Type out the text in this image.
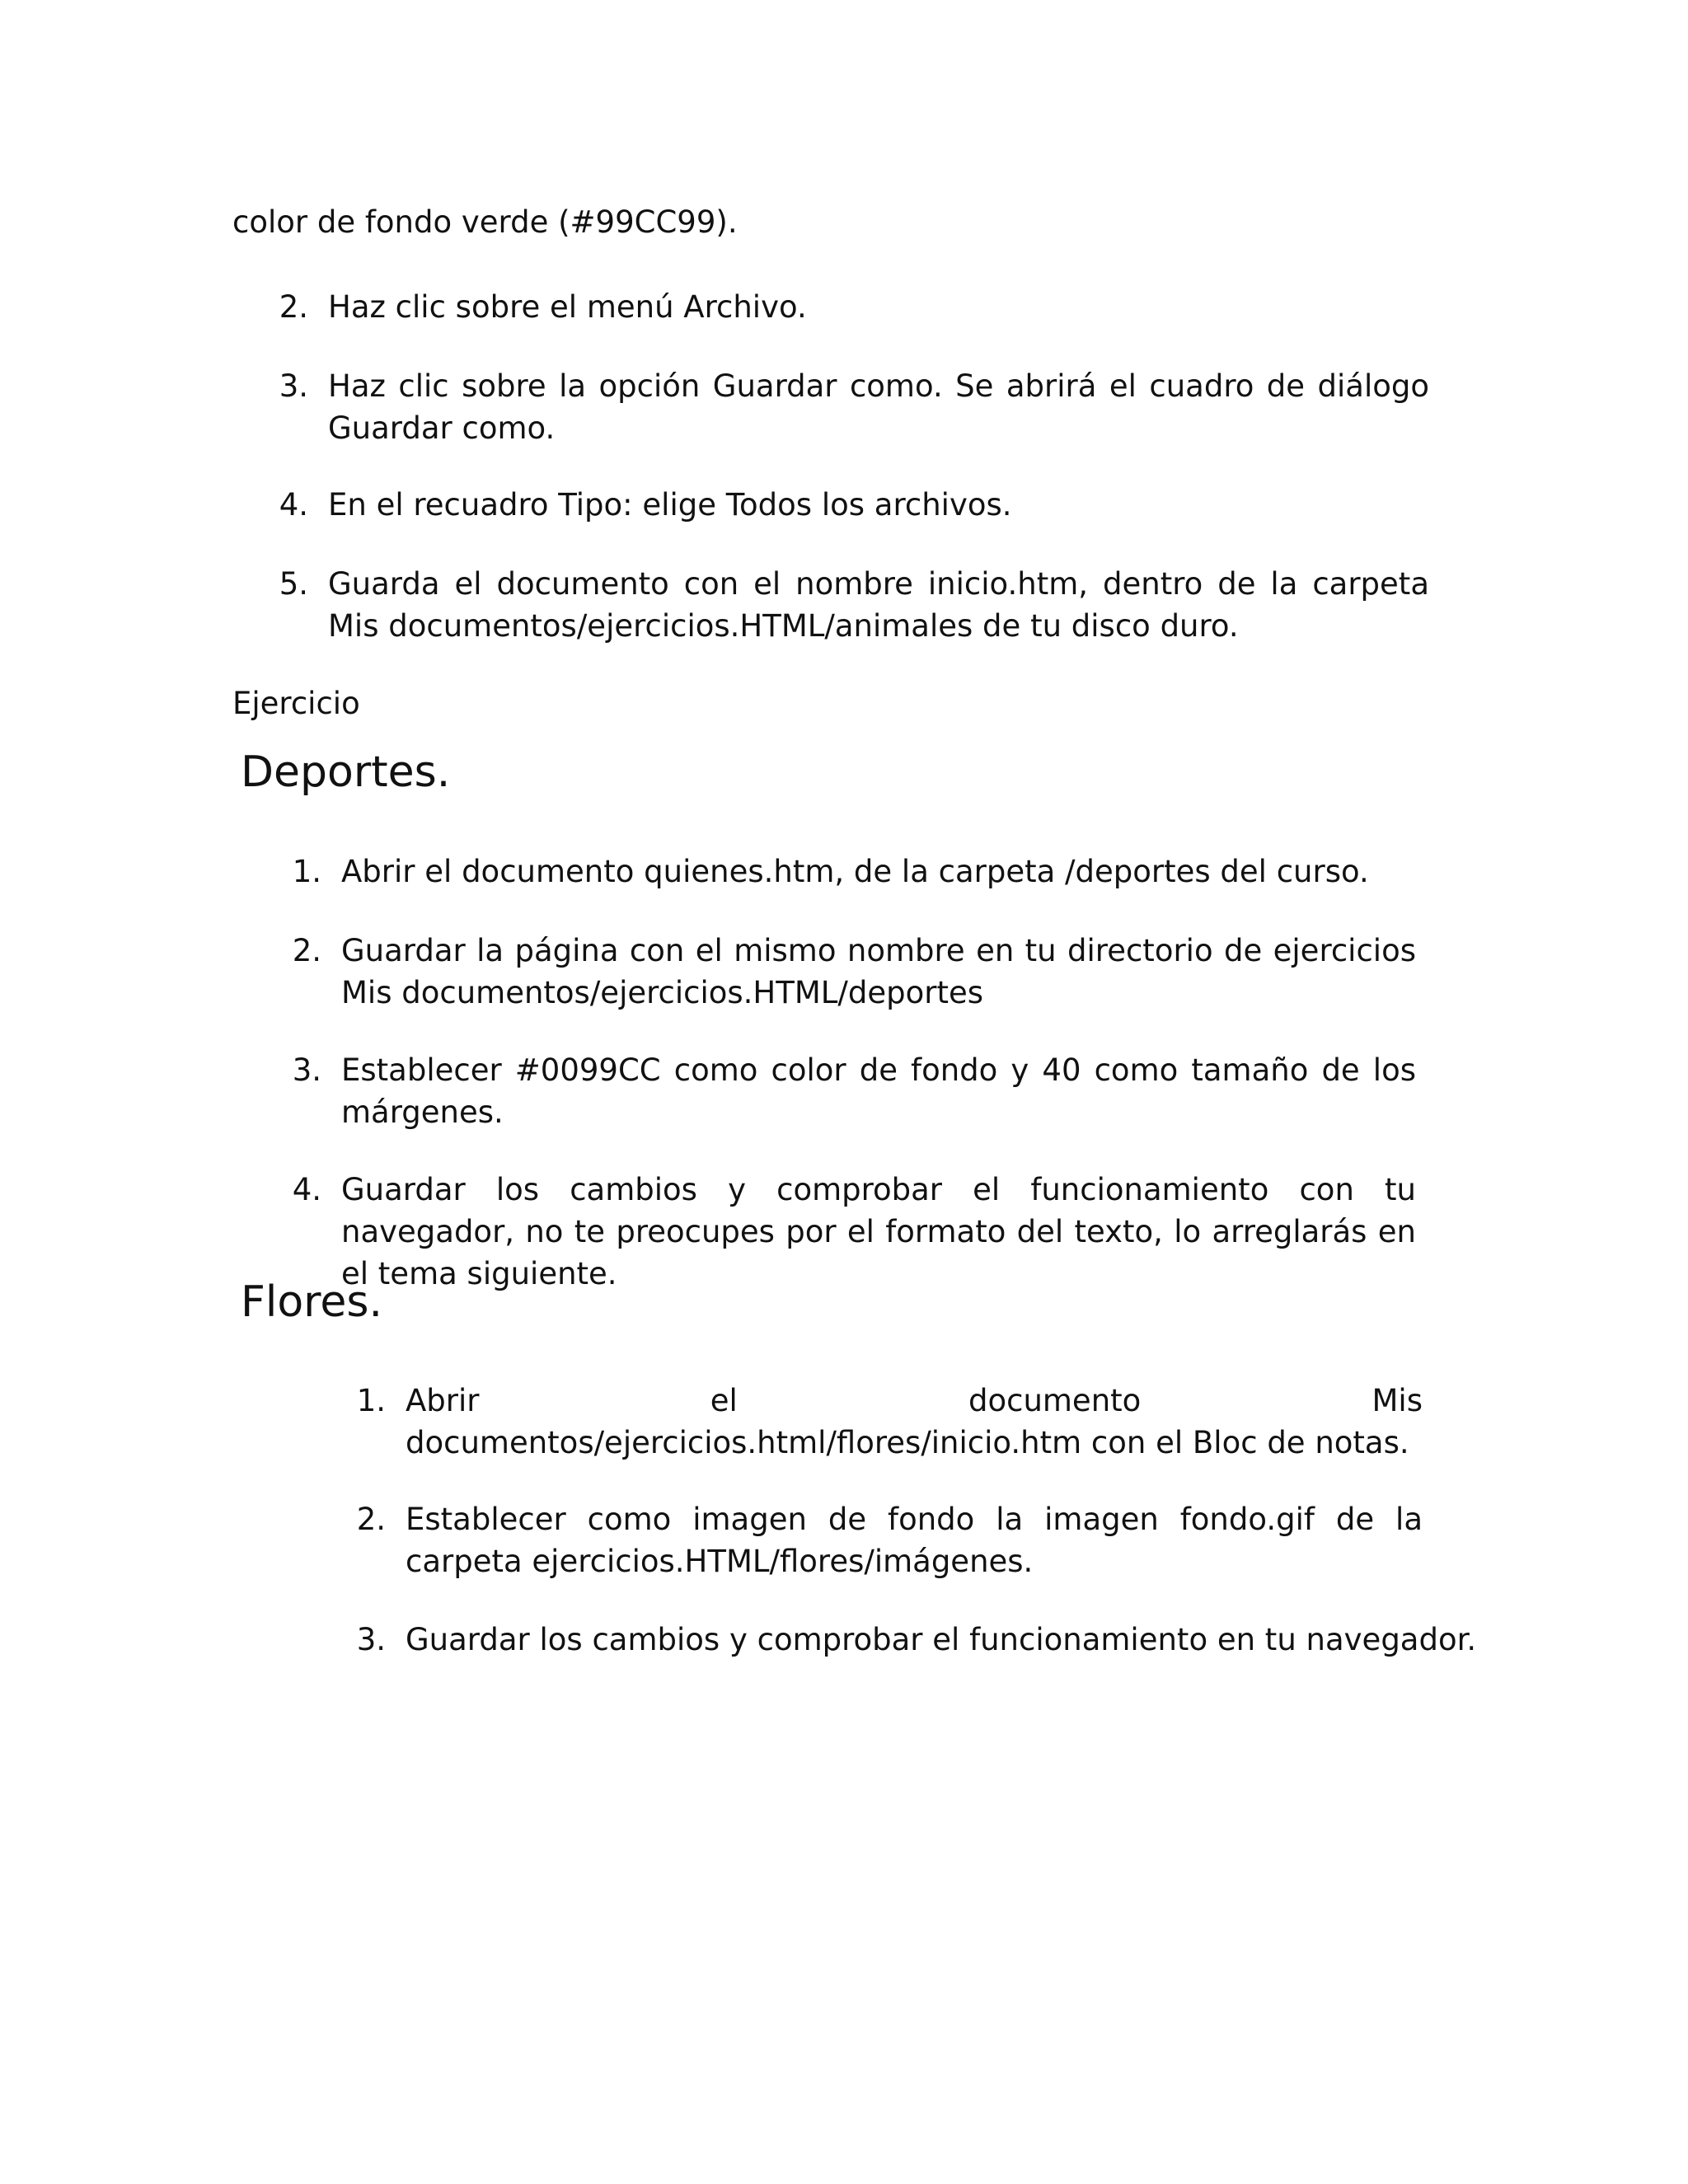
color de fondo verde (#99CC99).

2. Haz clic sobre el menú Archivo.
3. Haz clic sobre la opción Guardar como. Se abrirá el cuadro de diálogo Guardar como.
4. En el recuadro Tipo: elige Todos los archivos.
5. Guarda el documento con el nombre inicio.htm, dentro de la carpeta Mis documentos/ejercicios.HTML/animales de tu disco duro.

Ejercicio

Deportes.
1. Abrir el documento quienes.htm, de la carpeta /deportes del curso.
2. Guardar la página con el mismo nombre en tu directorio de ejercicios Mis documentos/ejercicios.HTML/deportes
3. Establecer #0099CC como color de fondo y 40 como tamaño de los márgenes.
4. Guardar los cambios y comprobar el funcionamiento con tu navegador, no te preocupes por el formato del texto, lo arreglarás en el tema siguiente.
Flores.
1. Abrir el documento Mis documentos/ejercicios.html/flores/inicio.htm con el Bloc de notas.
2. Establecer como imagen de fondo la imagen fondo.gif de la carpeta ejercicios.HTML/flores/imágenes.
3. Guardar los cambios y comprobar el funcionamiento en tu navegador.
